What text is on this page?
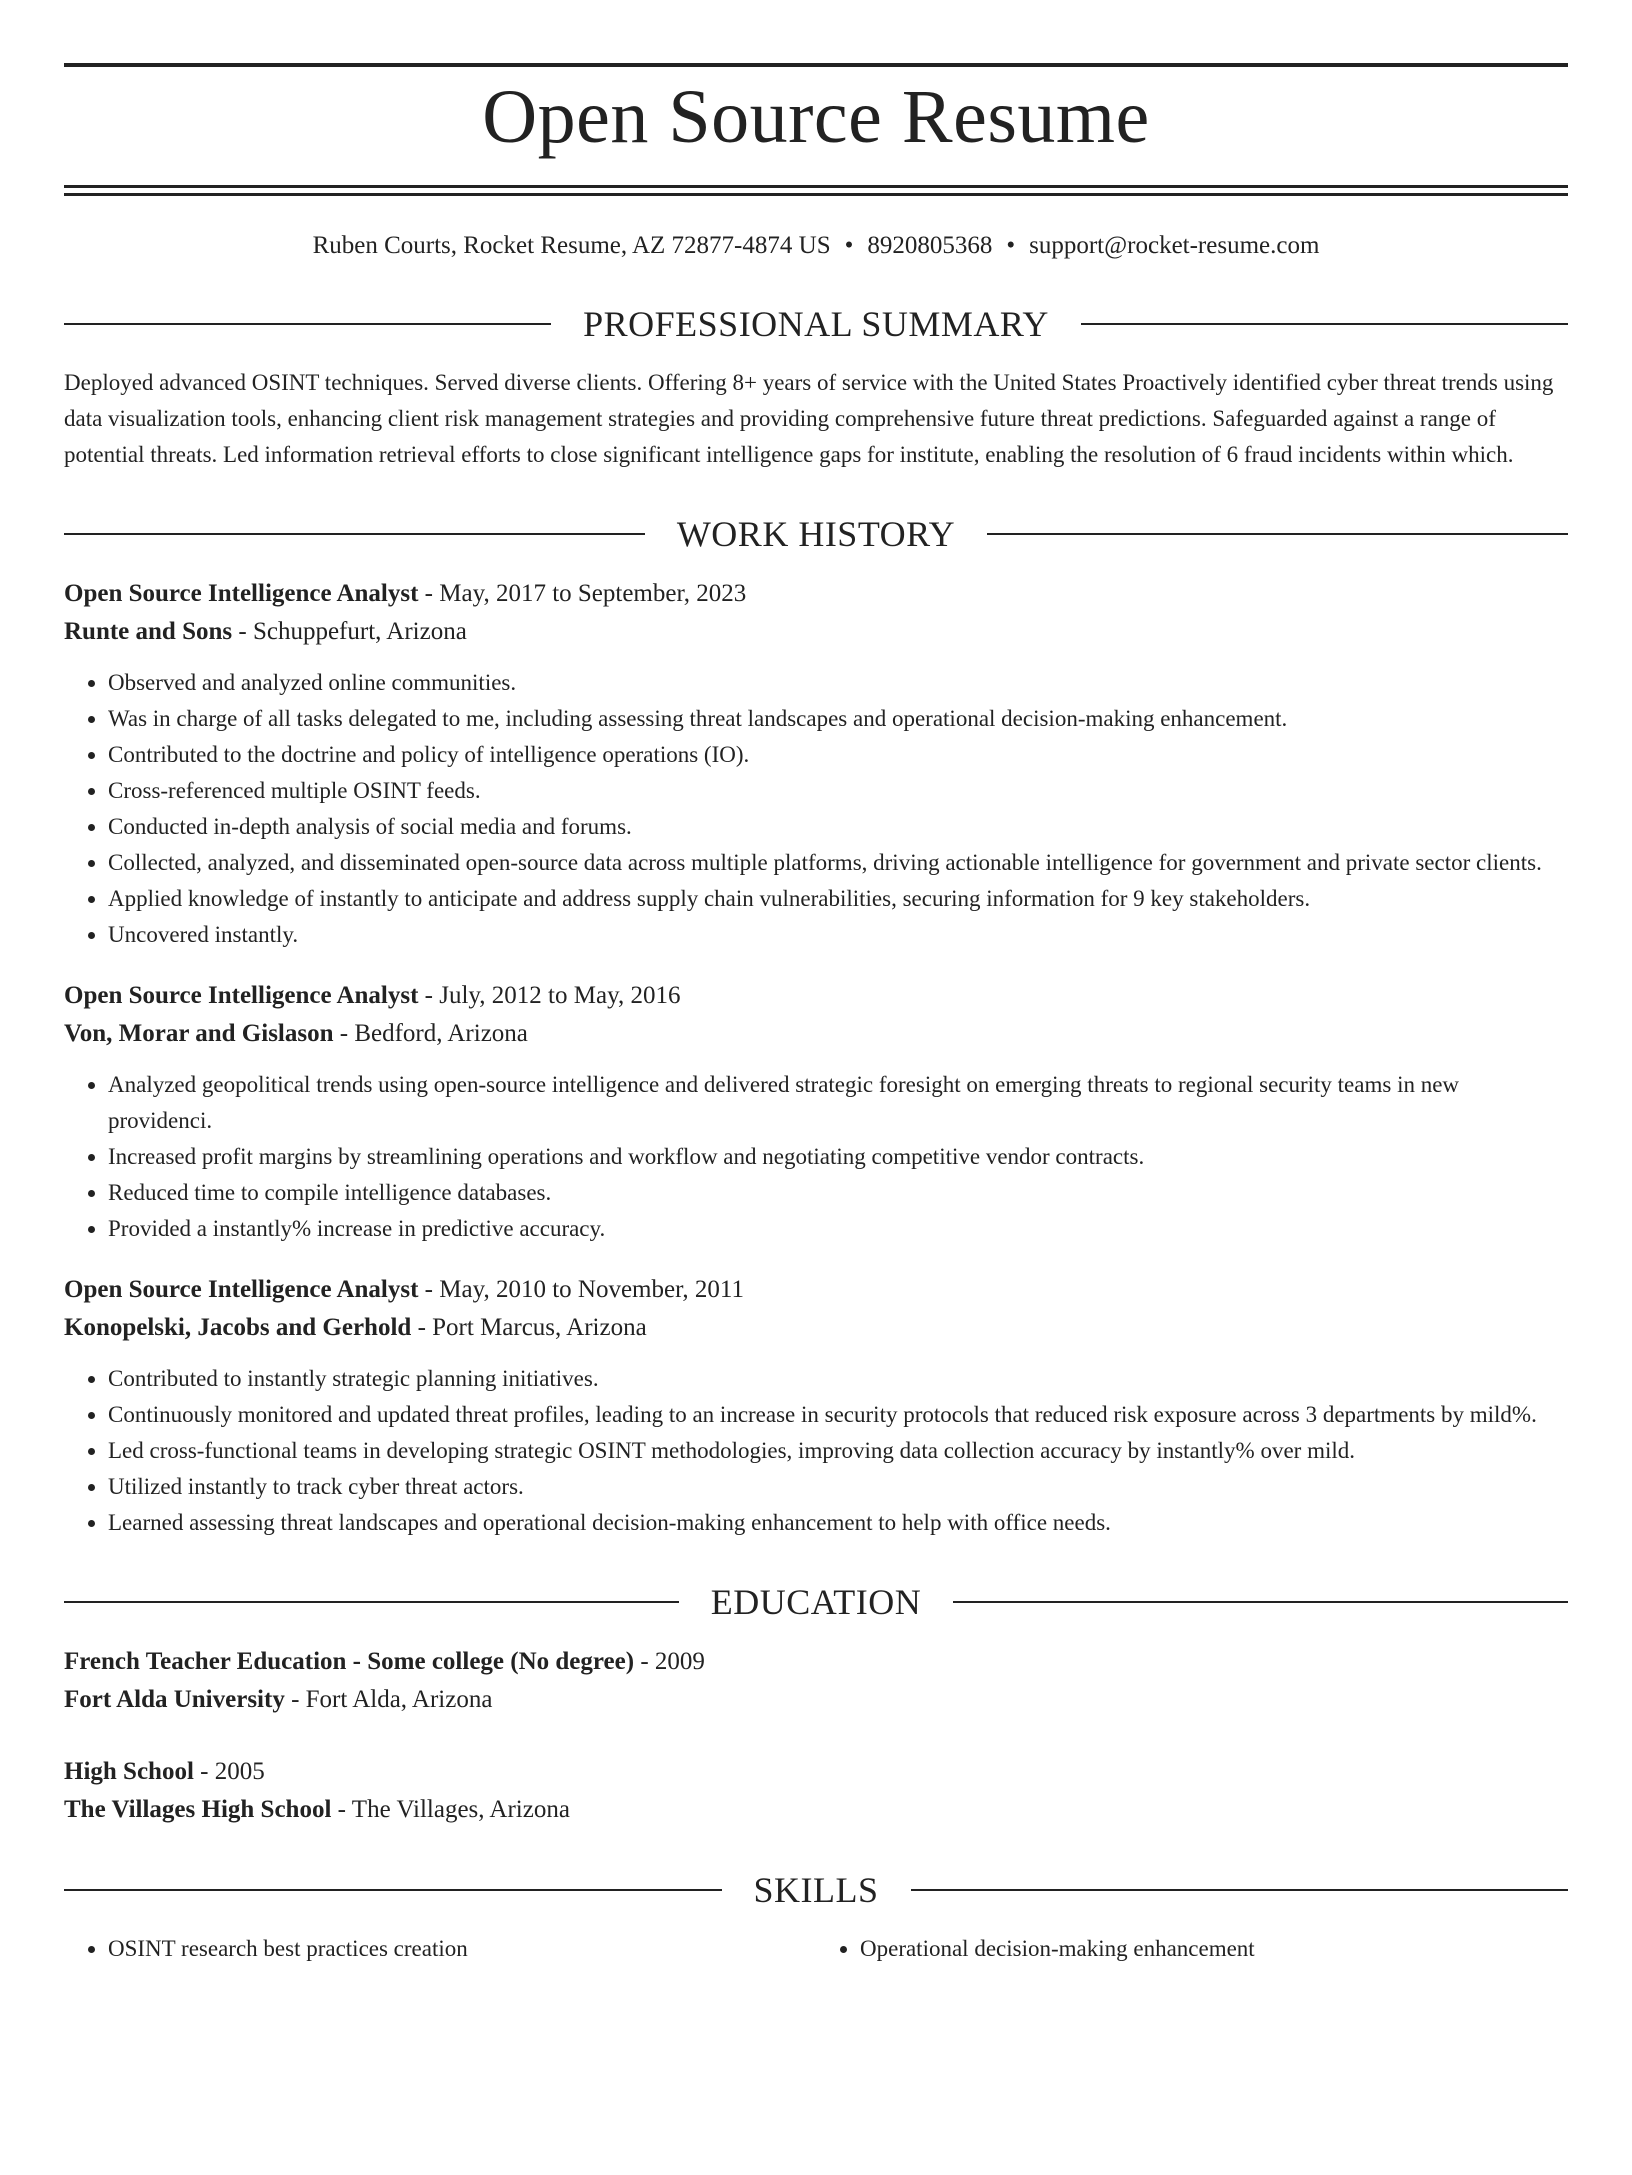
Open Source Resume
Ruben Courts, Rocket Resume, AZ 72877-4874 US • 8920805368 • support@rocket-resume.com
PROFESSIONAL SUMMARY

Deployed advanced OSINT techniques. Served diverse clients. Offering 8+ years of service with the United States Proactively identified cyber threat trends using data visualization tools, enhancing client risk management strategies and providing comprehensive future threat predictions. Safeguarded against a range of potential threats. Led information retrieval efforts to close significant intelligence gaps for institute, enabling the resolution of 6 fraud incidents within which.

WORK HISTORY
Open Source Intelligence Analyst - May, 2017 to September, 2023
Runte and Sons - Schuppefurt, Arizona
• Observed and analyzed online communities.
• Was in charge of all tasks delegated to me, including assessing threat landscapes and operational decision-making enhancement.
• Contributed to the doctrine and policy of intelligence operations (IO).
• Cross-referenced multiple OSINT feeds.
• Conducted in-depth analysis of social media and forums.
• Collected, analyzed, and disseminated open-source data across multiple platforms, driving actionable intelligence for government and private sector clients.
• Applied knowledge of instantly to anticipate and address supply chain vulnerabilities, securing information for 9 key stakeholders.
• Uncovered instantly.
Open Source Intelligence Analyst - July, 2012 to May, 2016
Von, Morar and Gislason - Bedford, Arizona
• Analyzed geopolitical trends using open-source intelligence and delivered strategic foresight on emerging threats to regional security teams in new providenci.
• Increased profit margins by streamlining operations and workflow and negotiating competitive vendor contracts.
• Reduced time to compile intelligence databases.
• Provided a instantly% increase in predictive accuracy.
Open Source Intelligence Analyst - May, 2010 to November, 2011
Konopelski, Jacobs and Gerhold - Port Marcus, Arizona
• Contributed to instantly strategic planning initiatives.
• Continuously monitored and updated threat profiles, leading to an increase in security protocols that reduced risk exposure across 3 departments by mild%.
• Led cross-functional teams in developing strategic OSINT methodologies, improving data collection accuracy by instantly% over mild.
• Utilized instantly to track cyber threat actors.
• Learned assessing threat landscapes and operational decision-making enhancement to help with office needs.
EDUCATION
French Teacher Education - Some college (No degree) - 2009
Fort Alda University - Fort Alda, Arizona
High School - 2005
The Villages High School - The Villages, Arizona
SKILLS
• OSINT research best practices creation
•	Operational decision-making enhancement
